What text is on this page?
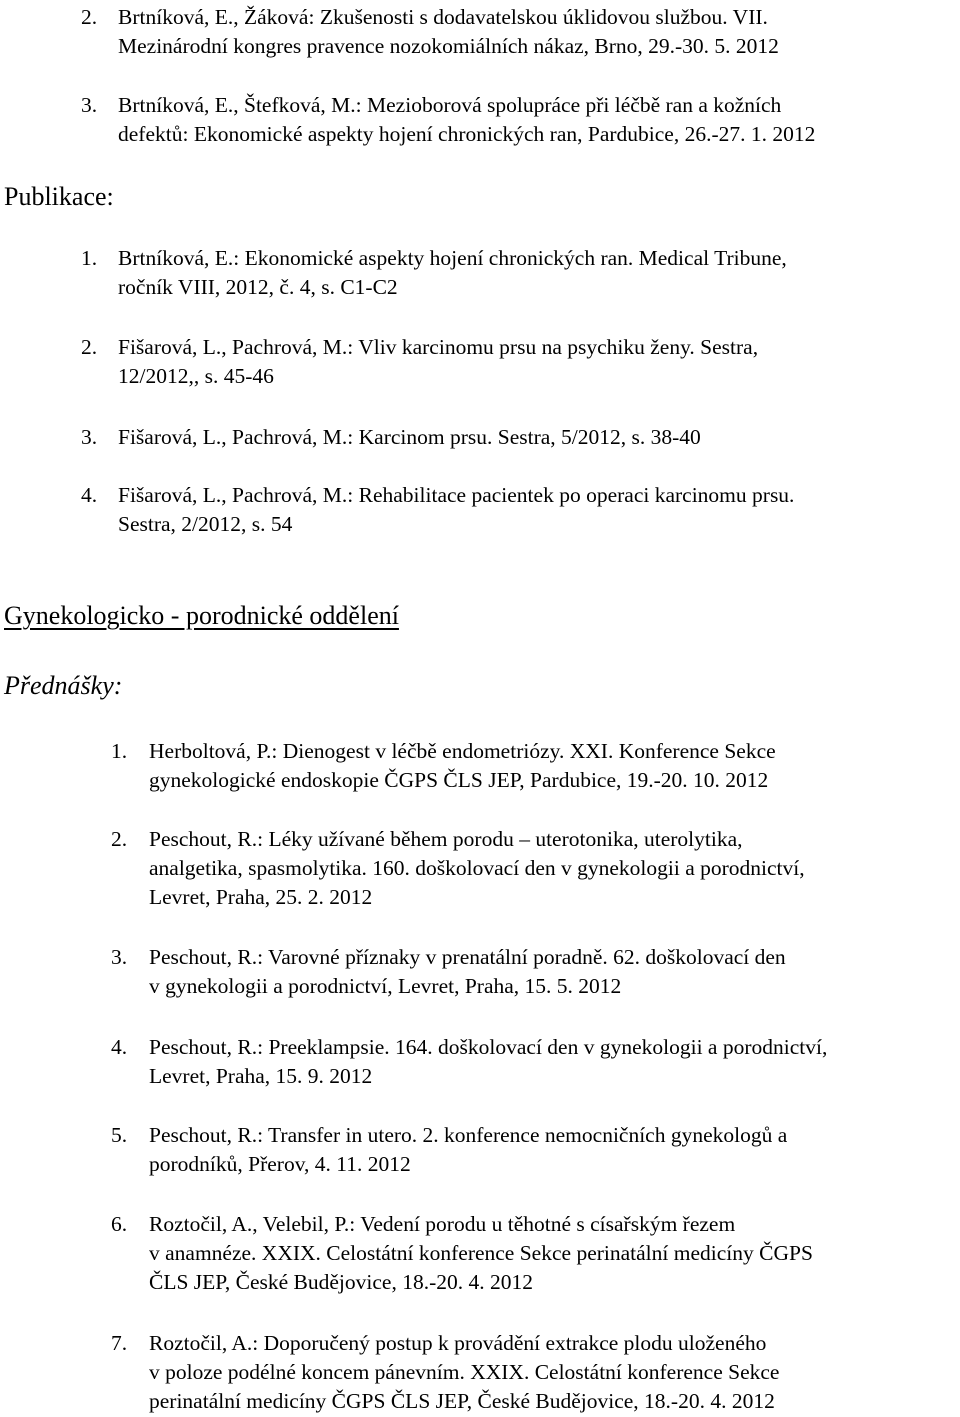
2. Brtníková, E., Žáková: Zkušenosti s dodavatelskou úklidovou službou. VII.
Mezinárodní kongres pravence nozokomiálních nákaz, Brno, 29.-30. 5. 2012
3. Brtníková, E., Štefková, M.: Mezioborová spolupráce při léčbě ran a kožních
defektů: Ekonomické aspekty hojení chronických ran, Pardubice, 26.-27. 1. 2012
Publikace:
1. Brtníková, E.: Ekonomické aspekty hojení chronických ran. Medical Tribune,
ročník VIII, 2012, č. 4, s. C1-C2
2. Fišarová, L., Pachrová, M.: Vliv karcinomu prsu na psychiku ženy. Sestra,
12/2012,, s. 45-46
3. Fišarová, L., Pachrová, M.: Karcinom prsu. Sestra, 5/2012, s. 38-40
4. Fišarová, L., Pachrová, M.: Rehabilitace pacientek po operaci karcinomu prsu.
Sestra, 2/2012, s. 54
Gynekologicko - porodnické oddělení
Přednášky:
1. Herboltová, P.: Dienogest v léčbě endometriózy. XXI. Konference Sekce
gynekologické endoskopie ČGPS ČLS JEP, Pardubice, 19.-20. 10. 2012
2. Peschout, R.: Léky užívané během porodu – uterotonika, uterolytika,
analgetika, spasmolytika. 160. doškolovací den v gynekologii a porodnictví,
Levret, Praha, 25. 2. 2012
3. Peschout, R.: Varovné příznaky v prenatální poradně. 62. doškolovací den
v gynekologii a porodnictví, Levret, Praha, 15. 5. 2012
4. Peschout, R.: Preeklampsie. 164. doškolovací den v gynekologii a porodnictví,
Levret, Praha, 15. 9. 2012
5. Peschout, R.: Transfer in utero. 2. konference nemocničních gynekologů a
porodníků, Přerov, 4. 11. 2012
6. Roztočil, A., Velebil, P.: Vedení porodu u těhotné s císařským řezem
v anamnéze. XXIX. Celostátní konference Sekce perinatální medicíny ČGPS
ČLS JEP, České Budějovice, 18.-20. 4. 2012
7. Roztočil, A.: Doporučený postup k provádění extrakce plodu uloženého
v poloze podélné koncem pánevním. XXIX. Celostátní konference Sekce
perinatální medicíny ČGPS ČLS JEP, České Budějovice, 18.-20. 4. 2012
